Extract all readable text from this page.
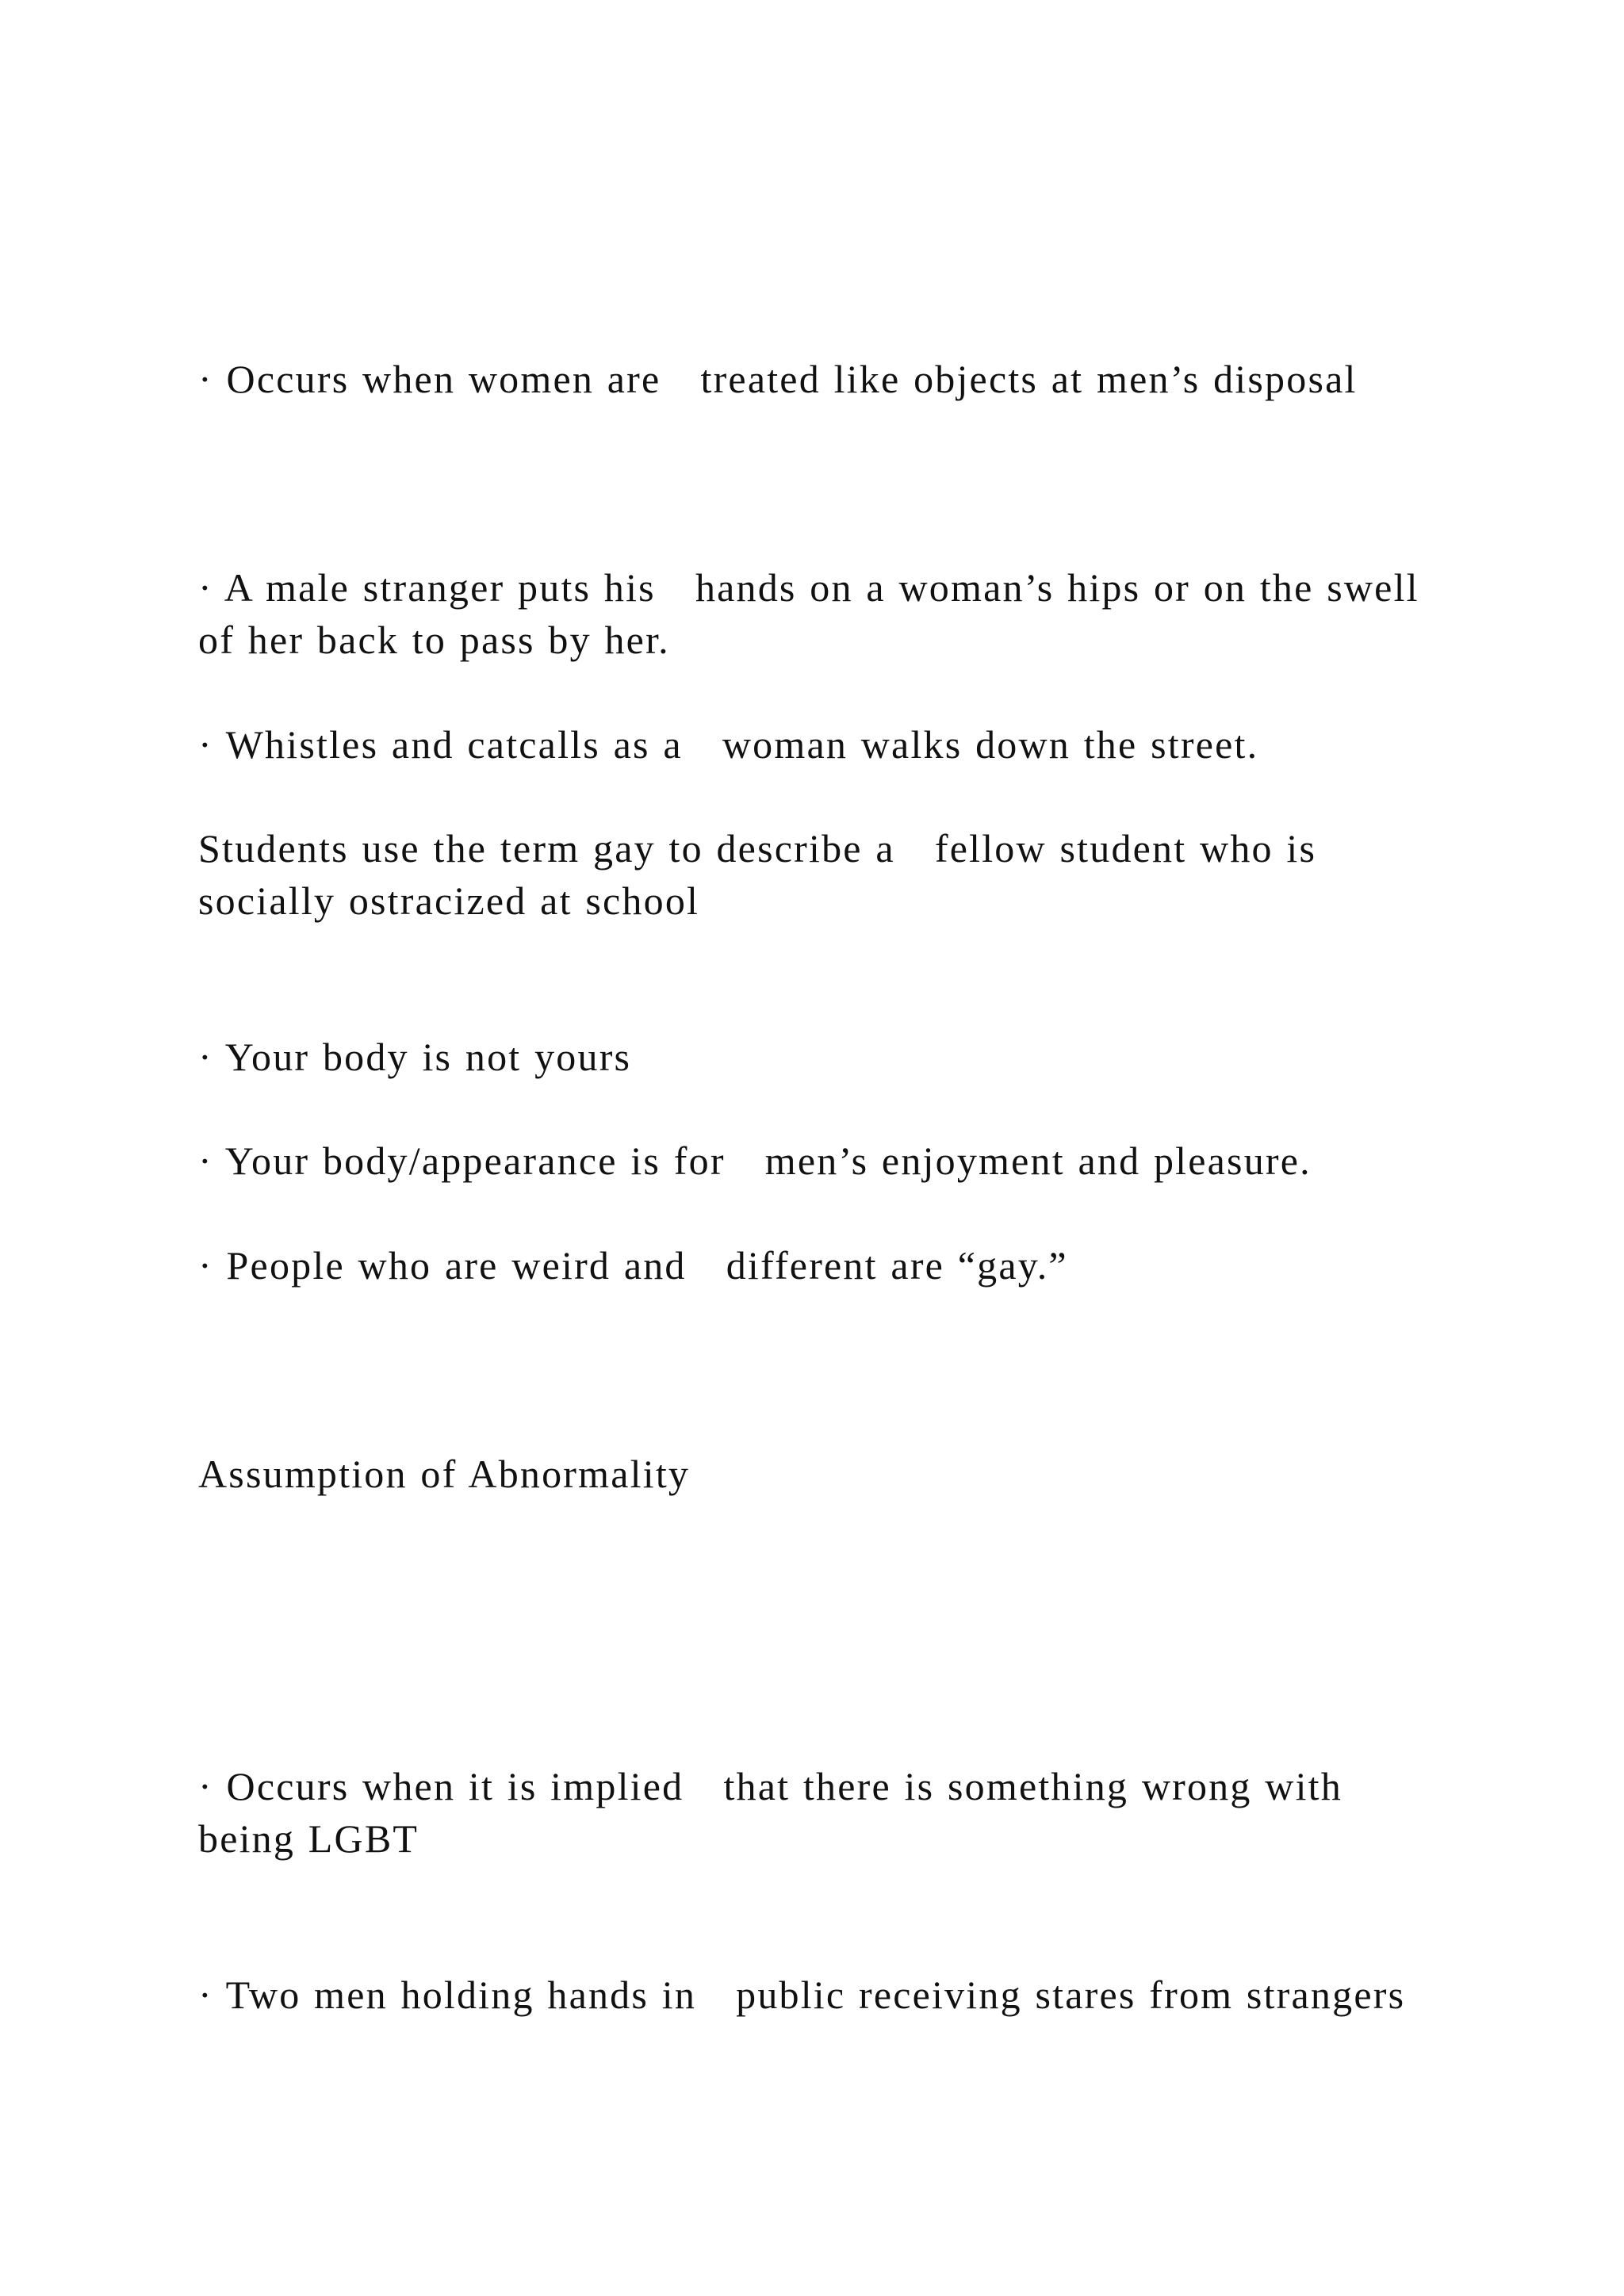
· Occurs when women are   treated like objects at men’s disposal

· A male stranger puts his   hands on a woman’s hips or on the swell of her back to pass by her.

· Whistles and catcalls as a   woman walks down the street.

Students use the term gay to describe a   fellow student who is socially ostracized at school

· Your body is not yours

· Your body/appearance is for   men’s enjoyment and pleasure.

· People who are weird and   different are “gay.”

Assumption of Abnormality

· Occurs when it is implied   that there is something wrong with being LGBT

· Two men holding hands in   public receiving stares from strangers
